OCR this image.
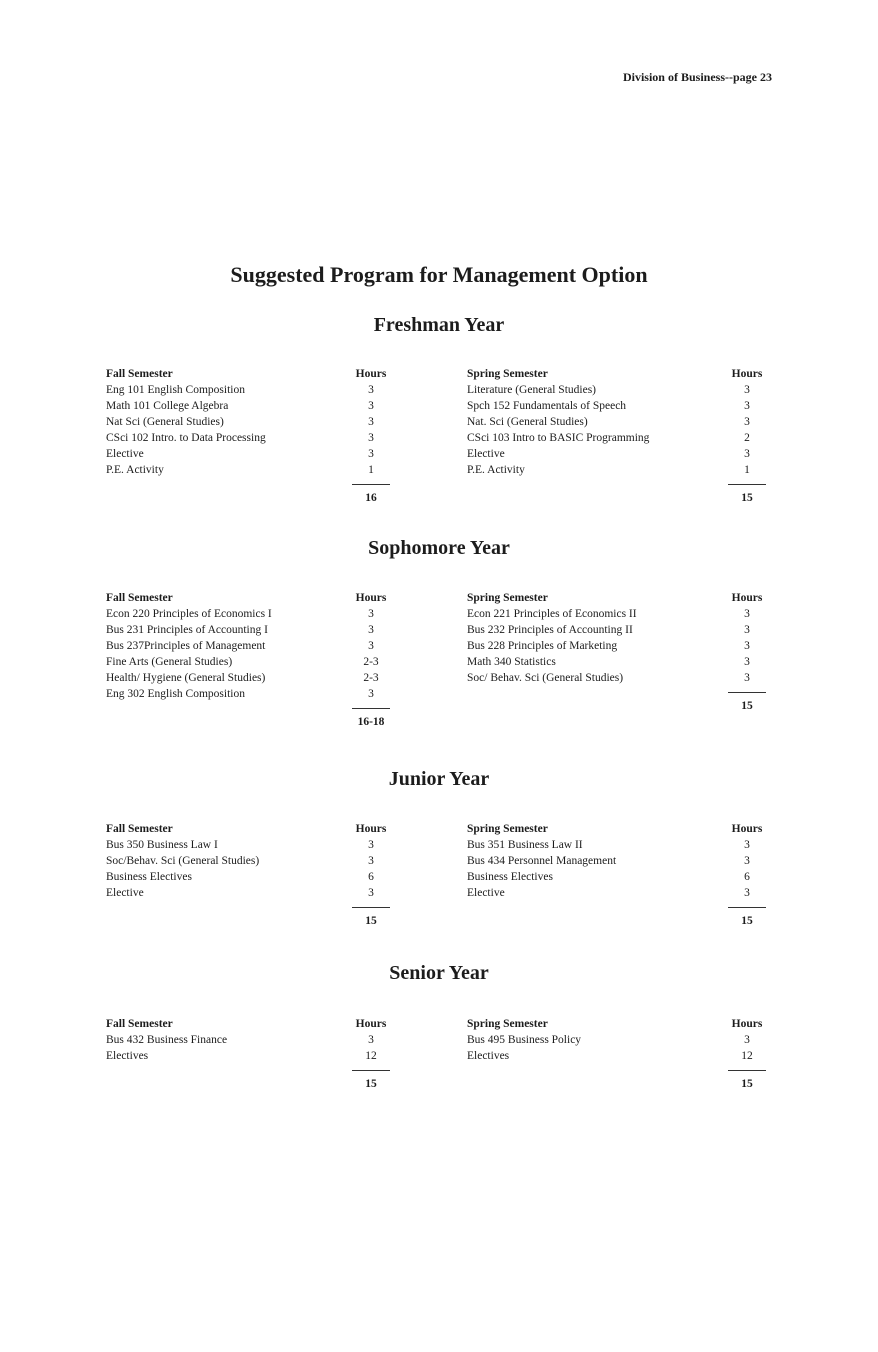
Division of Business--page 23
Suggested Program for Management Option
Freshman Year
Fall Semester	Hours
Eng 101 English Composition	3
Math 101 College Algebra	3
Nat Sci (General Studies)	3
CSci 102 Intro. to Data Processing	3
Elective	3
P.E. Activity	1
16
Spring Semester	Hours
Literature (General Studies)	3
Spch 152 Fundamentals of Speech	3
Nat. Sci (General Studies)	3
CSci 103 Intro to BASIC Programming	2
Elective	3
P.E. Activity	1
15
Sophomore Year
Fall Semester	Hours
Econ 220 Principles of Economics I	3
Bus 231 Principles of Accounting I	3
Bus 237Principles of Management	3
Fine Arts (General Studies)	2-3
Health/ Hygiene (General Studies)	2-3
Eng 302 English Composition	3
16-18
Spring Semester	Hours
Econ 221 Principles of Economics II	3
Bus 232 Principles of Accounting II	3
Bus 228 Principles of Marketing	3
Math 340 Statistics	3
Soc/ Behav. Sci (General Studies)	3
15
Junior Year
Fall Semester	Hours
Bus 350 Business Law I	3
Soc/Behav. Sci (General Studies)	3
Business Electives	6
Elective	3
15
Spring Semester	Hours
Bus 351 Business Law II	3
Bus 434 Personnel Management	3
Business Electives	6
Elective	3
15
Senior Year
Fall Semester	Hours
Bus 432 Business Finance	3
Electives	12
15
Spring Semester	Hours
Bus 495 Business Policy	3
Electives	12
15
